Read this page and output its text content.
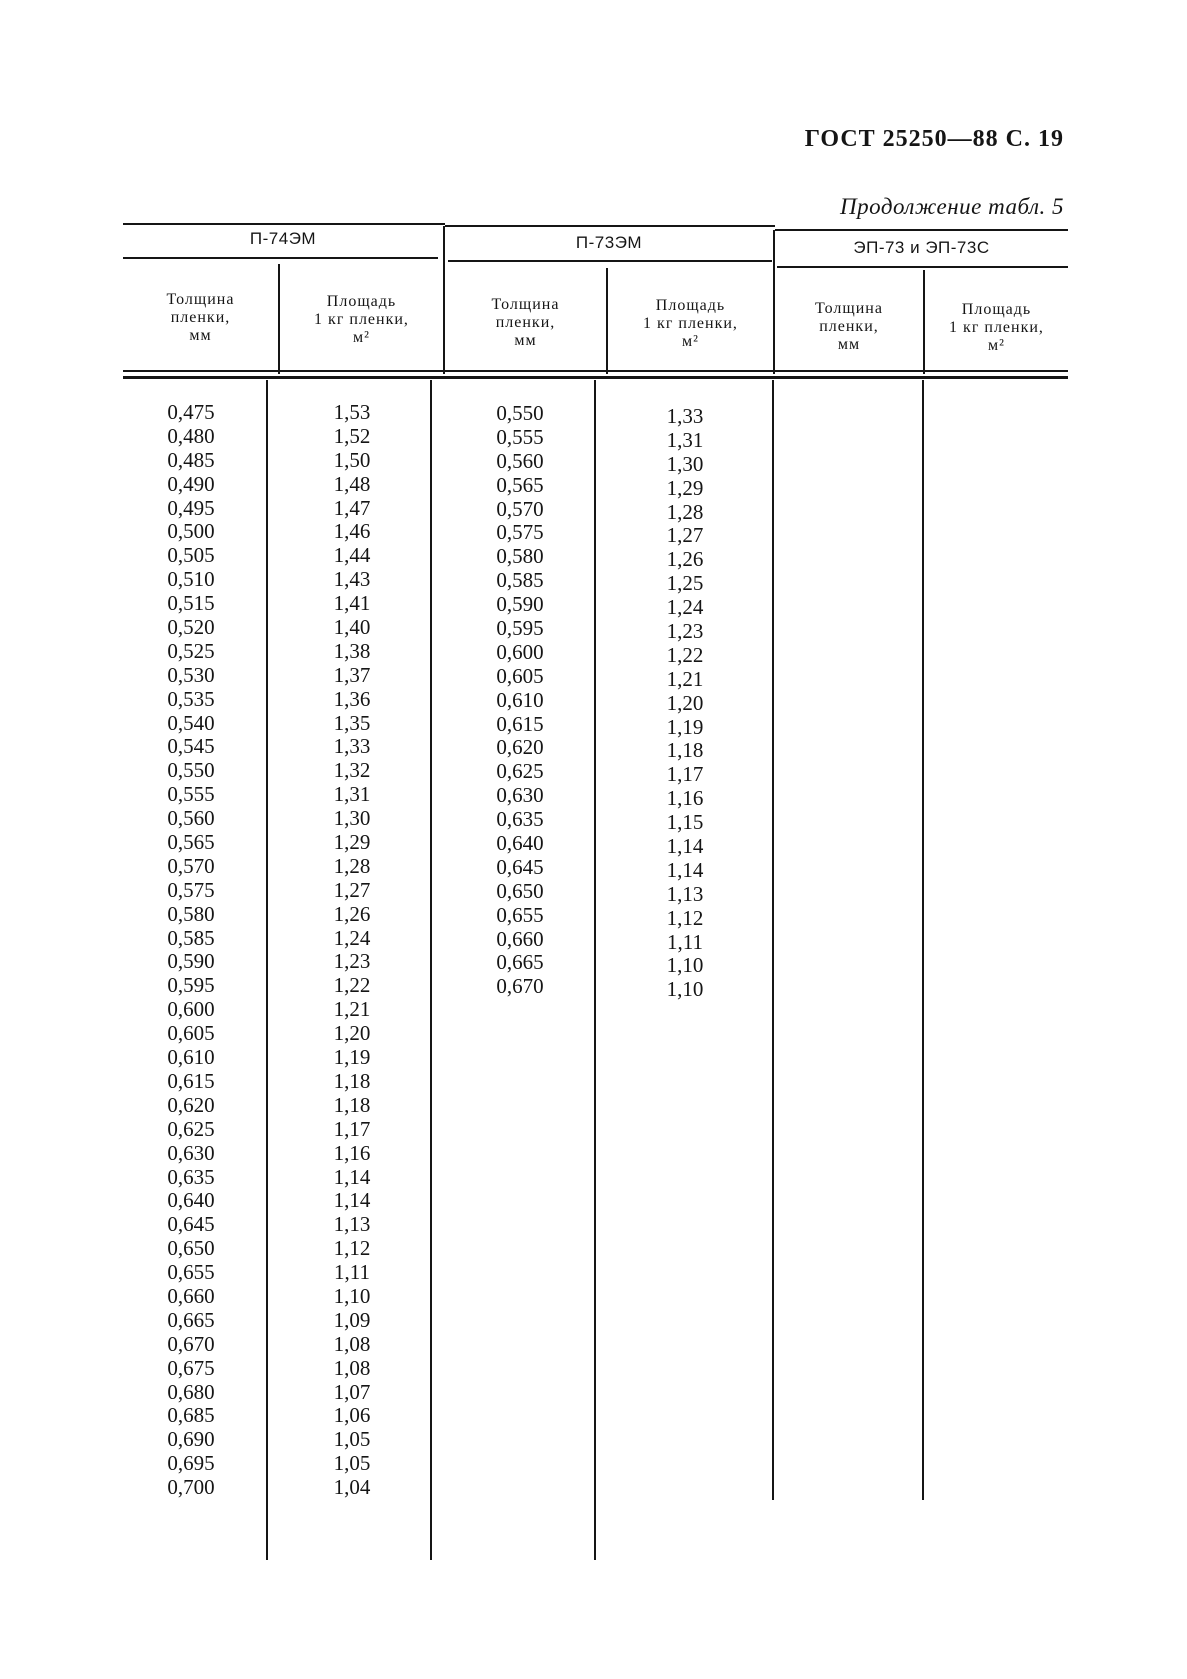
ГОСТ 25250—88 С. 19
Продолжение табл. 5
П-74ЭМ	П-73ЭМ	ЭП-73 и ЭП-73С
Толщина
пленки,
мм
Площадь
1 кг пленки,
м²
Толщина
пленки,
мм
Площадь
1 кг пленки,
м²
Толщина
пленки,
мм
Площадь
1 кг пленки,
м²
0,475
0,480
0,485
0,490
0,495
0,500
0,505
0,510
0,515
0,520
0,525
0,530
0,535
0,540
0,545
0,550
0,555
0,560
0,565
0,570
0,575
0,580
0,585
0,590
0,595
0,600
0,605
0,610
0,615
0,620
0,625
0,630
0,635
0,640
0,645
0,650
0,655
0,660
0,665
0,670
0,675
0,680
0,685
0,690
0,695
0,700
1,53
1,52
1,50
1,48
1,47
1,46
1,44
1,43
1,41
1,40
1,38
1,37
1,36
1,35
1,33
1,32
1,31
1,30
1,29
1,28
1,27
1,26
1,24
1,23
1,22
1,21
1,20
1,19
1,18
1,18
1,17
1,16
1,14
1,14
1,13
1,12
1,11
1,10
1,09
1,08
1,08
1,07
1,06
1,05
1,05
1,04
0,550
0,555
0,560
0,565
0,570
0,575
0,580
0,585
0,590
0,595
0,600
0,605
0,610
0,615
0,620
0,625
0,630
0,635
0,640
0,645
0,650
0,655
0,660
0,665
0,670
1,33
1,31
1,30
1,29
1,28
1,27
1,26
1,25
1,24
1,23
1,22
1,21
1,20
1,19
1,18
1,17
1,16
1,15
1,14
1,14
1,13
1,12
1,11
1,10
1,10
